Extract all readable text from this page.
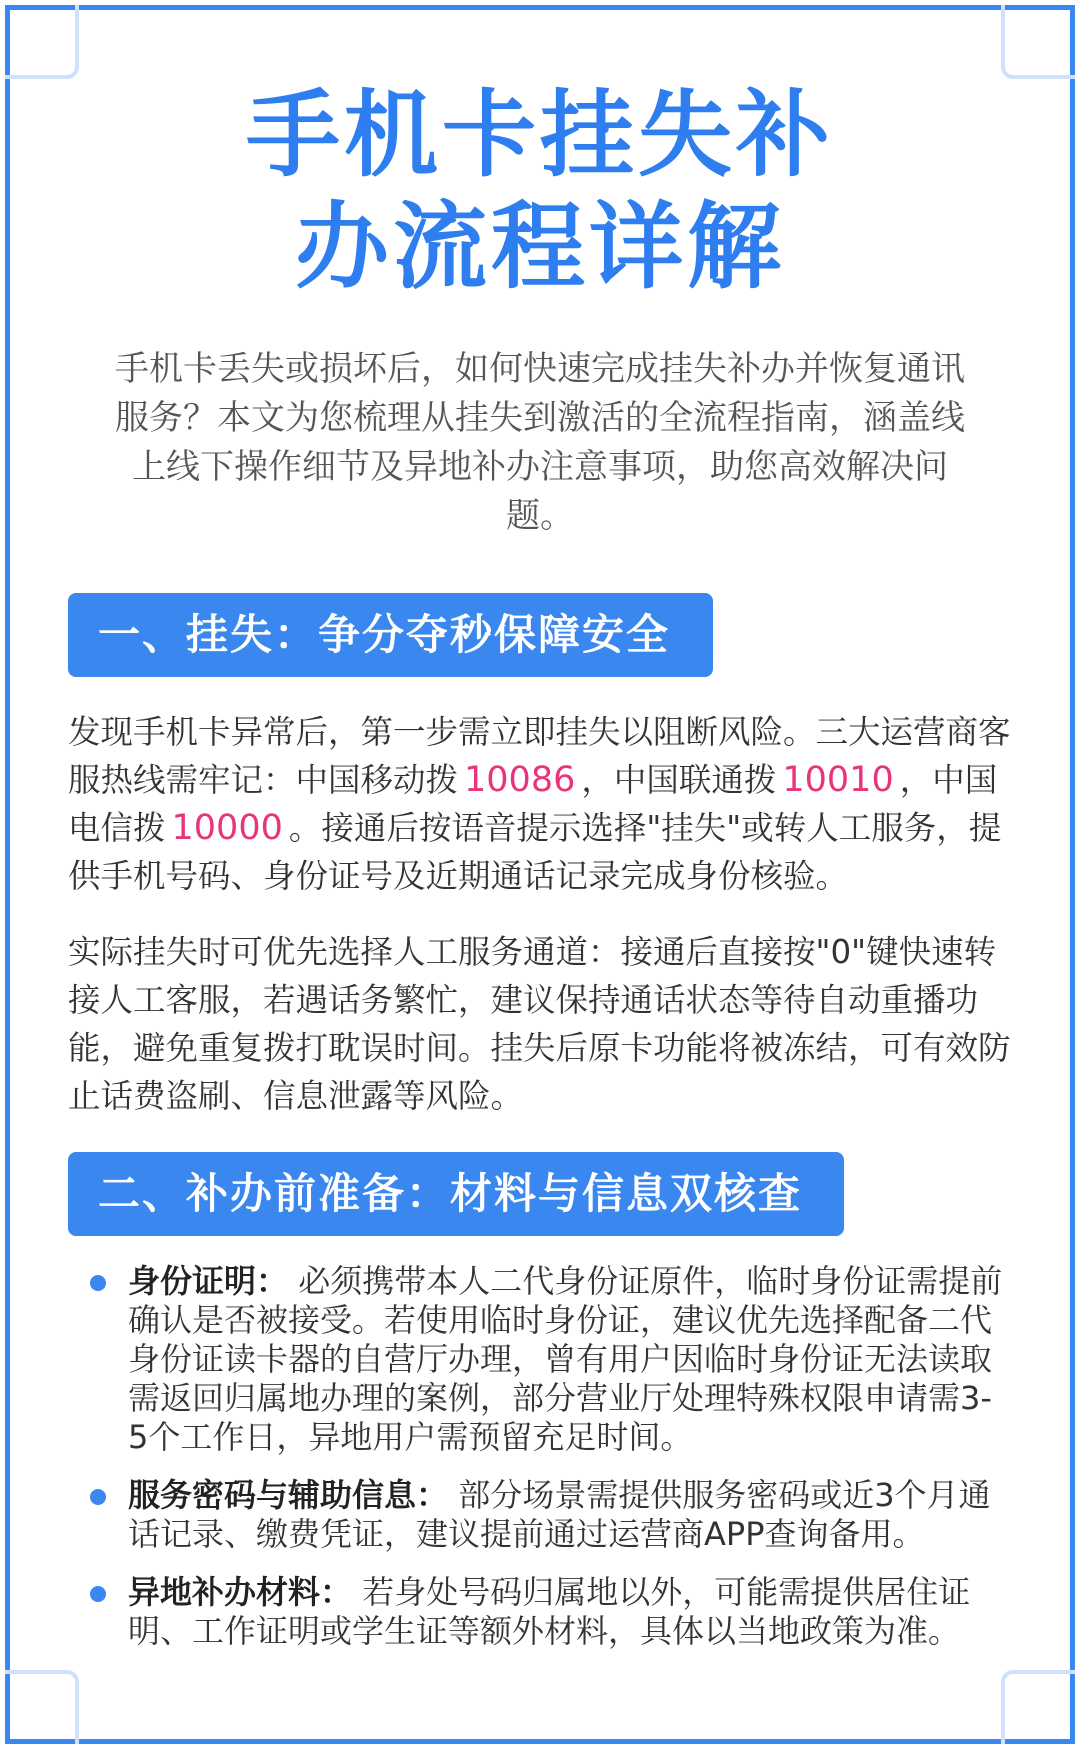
手机卡挂失补
办流程详解

手机卡丢失或损坏后，如何快速完成挂失补办并恢复通讯服务？本文为您梳理从挂失到激活的全流程指南，涵盖线上线下操作细节及异地补办注意事项，助您高效解决问题。

一、挂失：争分夺秒保障安全

发现手机卡异常后，第一步需立即挂失以阻断风险。三大运营商客服热线需牢记：中国移动拨 10086 ，中国联通拨 10010 ，中国电信拨 10000 。接通后按语音提示选择"挂失"或转人工服务，提供手机号码、身份证号及近期通话记录完成身份核验。

实际挂失时可优先选择人工服务通道：接通后直接按"0"键快速转接人工客服，若遇话务繁忙，建议保持通话状态等待自动重播功能，避免重复拨打耽误时间。挂失后原卡功能将被冻结，可有效防止话费盗刷、信息泄露等风险。

二、补办前准备：材料与信息双核查
身份证明： 必须携带本人二代身份证原件，临时身份证需提前确认是否被接受。若使用临时身份证，建议优先选择配备二代身份证读卡器的自营厅办理，曾有用户因临时身份证无法读取需返回归属地办理的案例，部分营业厅处理特殊权限申请需3-5个工作日，异地用户需预留充足时间。
服务密码与辅助信息： 部分场景需提供服务密码或近3个月通话记录、缴费凭证，建议提前通过运营商APP查询备用。
异地补办材料： 若身处号码归属地以外，可能需提供居住证明、工作证明或学生证等额外材料，具体以当地政策为准。
